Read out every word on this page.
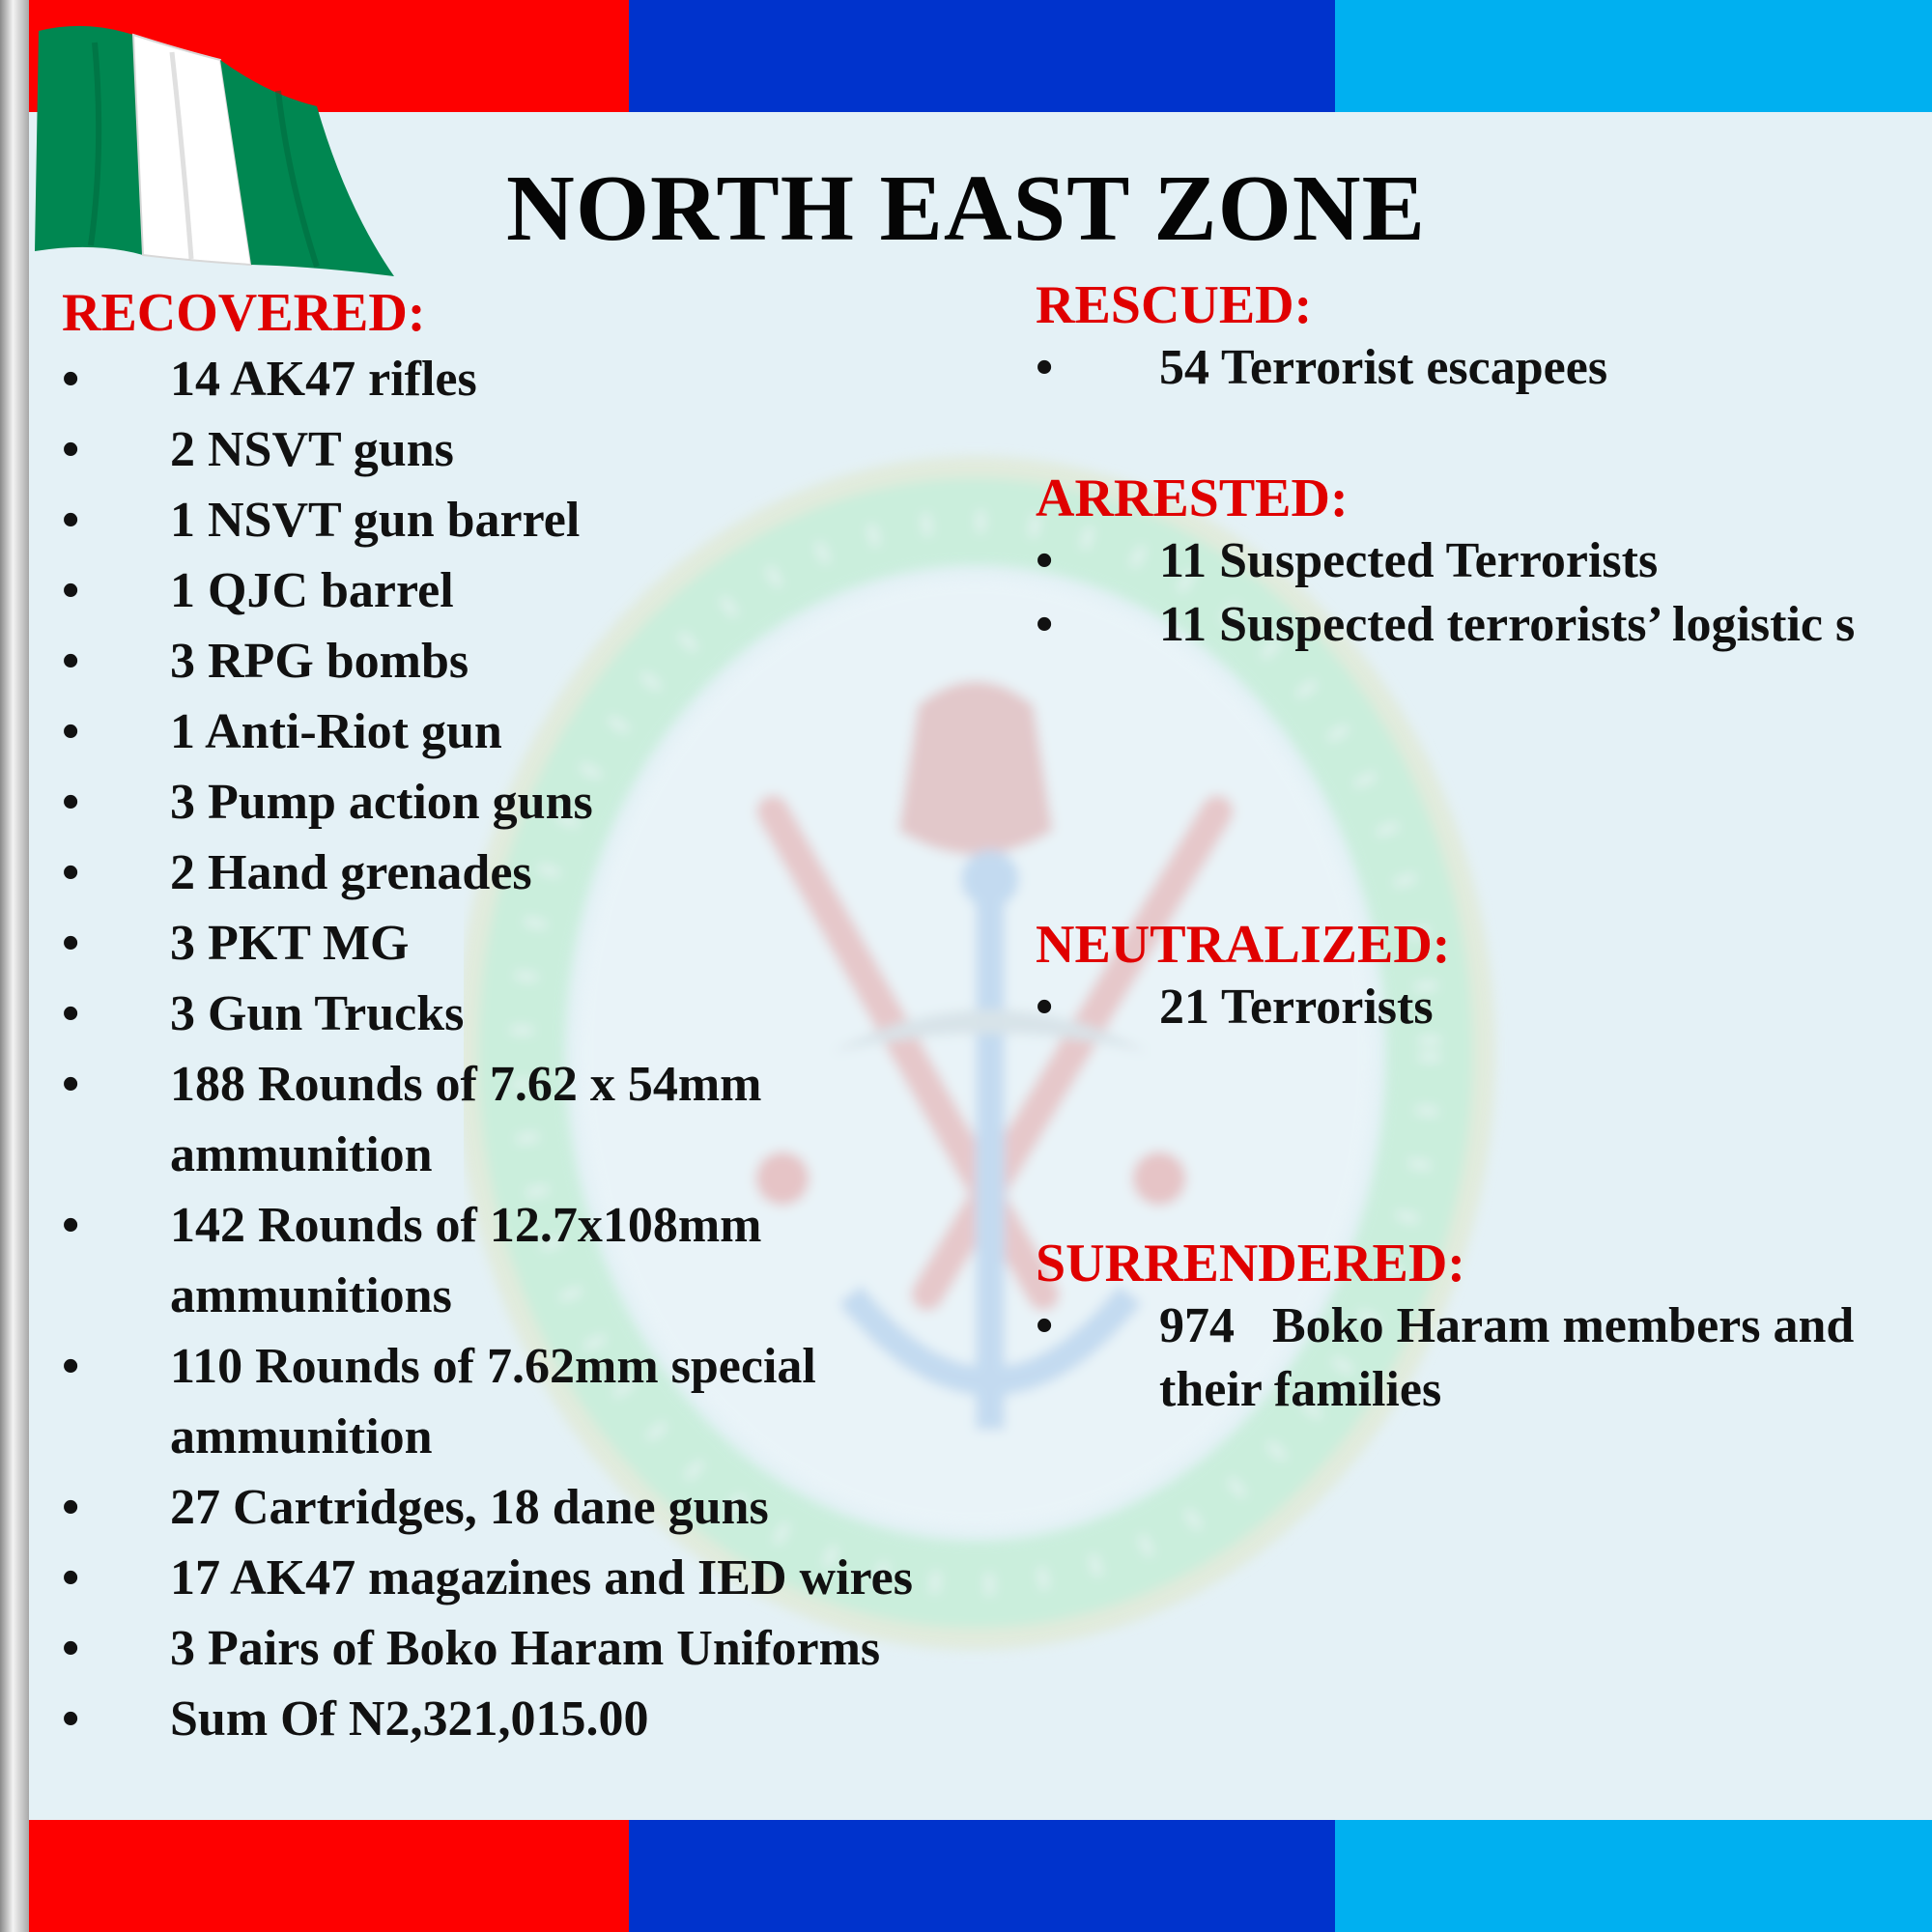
NORTH EAST ZONE

RECOVERED:

• 14 AK47 rifles
• 2 NSVT guns
• 1 NSVT gun barrel
• 1 QJC barrel
• 3 RPG bombs
• 1 Anti-Riot gun
• 3 Pump action guns
• 2 Hand grenades
• 3 PKT MG
• 3 Gun Trucks
• 188 Rounds of 7.62 x 54mm ammunition
• 142 Rounds of 12.7x108mm ammunitions
• 110 Rounds of 7.62mm special ammunition
• 27 Cartridges, 18 dane guns
• 17 AK47 magazines and IED wires
• 3 Pairs of Boko Haram Uniforms
• Sum Of N2,321,015.00

RESCUED:

• 54 Terrorist escapees

ARRESTED:

• 11 Suspected Terrorists
• 11 Suspected terrorists’ logistic s

NEUTRALIZED:

• 21 Terrorists

SURRENDERED:

• 974   Boko Haram members and their families
